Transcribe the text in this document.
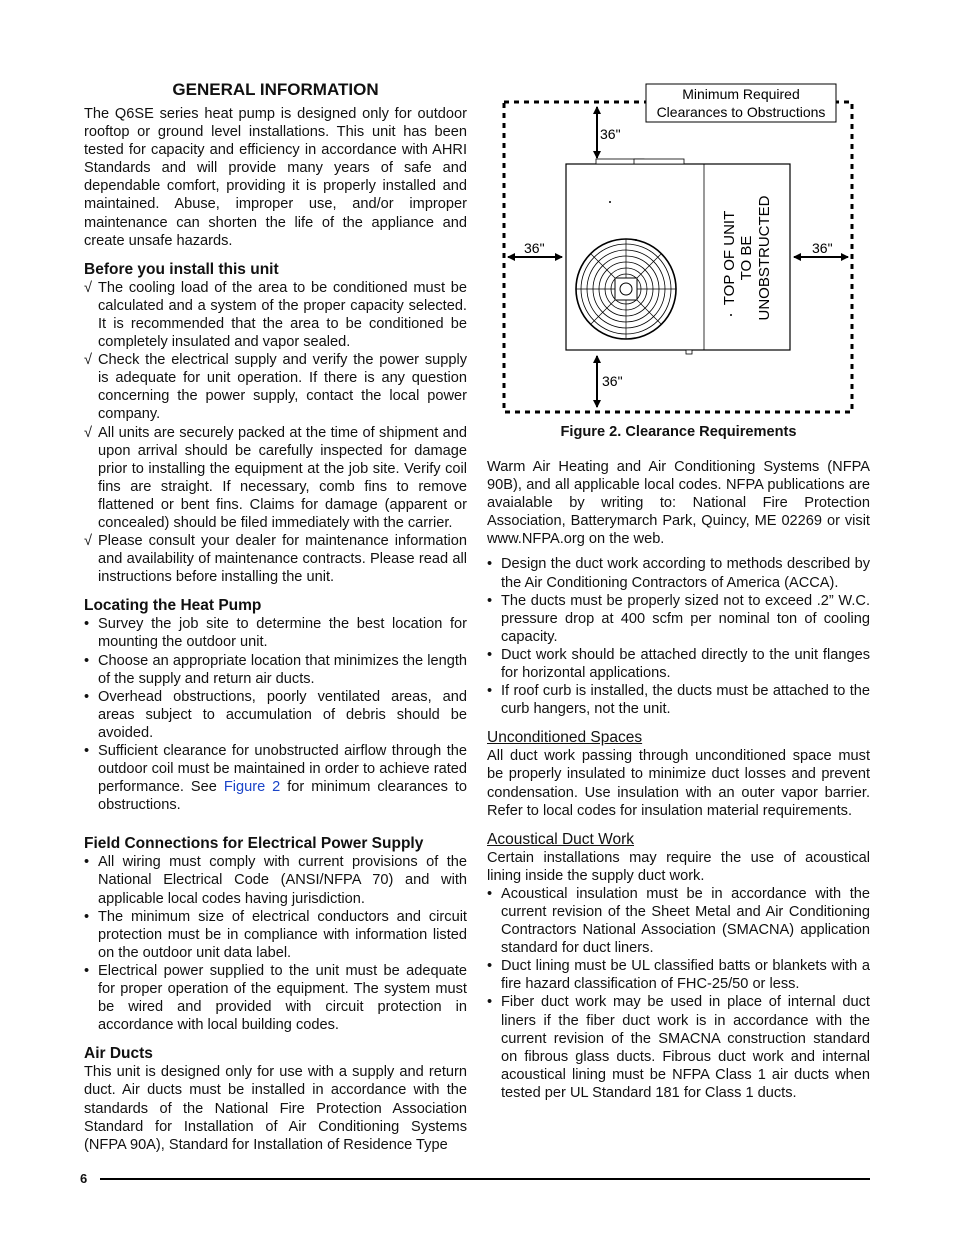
GENERAL INFORMATION

The Q6SE series heat pump is designed only for outdoor rooftop or ground level installations. This unit has been tested for capacity and efficiency in accordance with AHRI Standards and will provide many years of safe and dependable comfort, providing it is properly installed and maintained. Abuse, improper use, and/or improper maintenance can shorten the life of the appliance and create unsafe hazards.

Before you install this unit
√ The cooling load of the area to be conditioned must be calculated and a system of the proper capacity selected. It is recommended that the area to be conditioned be completely insulated and vapor sealed.
√ Check the electrical supply and verify the power supply is adequate for unit operation. If there is any question concerning the power supply, contact the local power company.
√ All units are securely packed at the time of shipment and upon arrival should be carefully inspected for damage prior to installing the equipment at the job site. Verify coil fins are straight. If necessary, comb fins to remove flattened or bent fins. Claims for damage (apparent or concealed) should be filed immediately with the carrier.
√ Please consult your dealer for maintenance information and availability of maintenance contracts. Please read all instructions before installing the unit.
Locating the Heat Pump
• Survey the job site to determine the best location for mounting the outdoor unit.
• Choose an appropriate location that minimizes the length of the supply and return air ducts.
• Overhead obstructions, poorly ventilated areas, and areas subject to accumulation of debris should be avoided.
• Sufficient clearance for unobstructed airflow through the outdoor coil must be maintained in order to achieve rated performance. See Figure 2 for minimum clearances to obstructions.
Field Connections for Electrical Power Supply
• All wiring must comply with current provisions of the National Electrical Code (ANSI/NFPA 70) and with applicable local codes having jurisdiction.
• The minimum size of electrical conductors and circuit protection must be in compliance with information listed on the outdoor unit data label.
• Electrical power supplied to the unit must be adequate for proper operation of the equipment. The system must be wired and provided with circuit protection in accordance with local building codes.
Air Ducts

This unit is designed only for use with a supply and return duct. Air ducts must be installed in accordance with the standards of the National Fire Protection Association Standard for Installation of Air Conditioning Systems (NFPA 90A), Standard for Installation of Residence Type

Minimum Required
Clearances to Obstructions
TOP OF UNIT TO BE UNOBSTRUCTED
36"
36"	36"
36"
Figure 2. Clearance Requirements

Warm Air Heating and Air Conditioning Systems (NFPA 90B), and all applicable local codes. NFPA publications are avaialable by writing to: National Fire Protection Association, Batterymarch Park, Quincy, ME 02269 or visit www.NFPA.org on the web.

• Design the duct work according to methods described by the Air Conditioning Contractors of America (ACCA).
• The ducts must be properly sized not to exceed .2” W.C. pressure drop at 400 scfm per nominal ton of cooling capacity.
• Duct work should be attached directly to the unit flanges for horizontal applications.
• If roof curb is installed, the ducts must be attached to the curb hangers, not the unit.
Unconditioned Spaces

All duct work passing through unconditioned space must be properly insulated to minimize duct losses and prevent condensation. Use insulation with an outer vapor barrier. Refer to local codes for insulation material requirements.

Acoustical Duct Work

Certain installations may require the use of acoustical lining inside the supply duct work.

• Acoustical insulation must be in accordance with the current revision of the Sheet Metal and Air Conditioning Contractors National Association (SMACNA) application standard for duct liners.
• Duct lining must be UL classified batts or blankets with a fire hazard classification of FHC-25/50 or less.
• Fiber duct work may be used in place of internal duct liners if the fiber duct work is in accordance with the current revision of the SMACNA construction standard on fibrous glass ducts. Fibrous duct work and internal acoustical lining must be NFPA Class 1 air ducts when tested per UL Standard 181 for Class 1 ducts.
6
